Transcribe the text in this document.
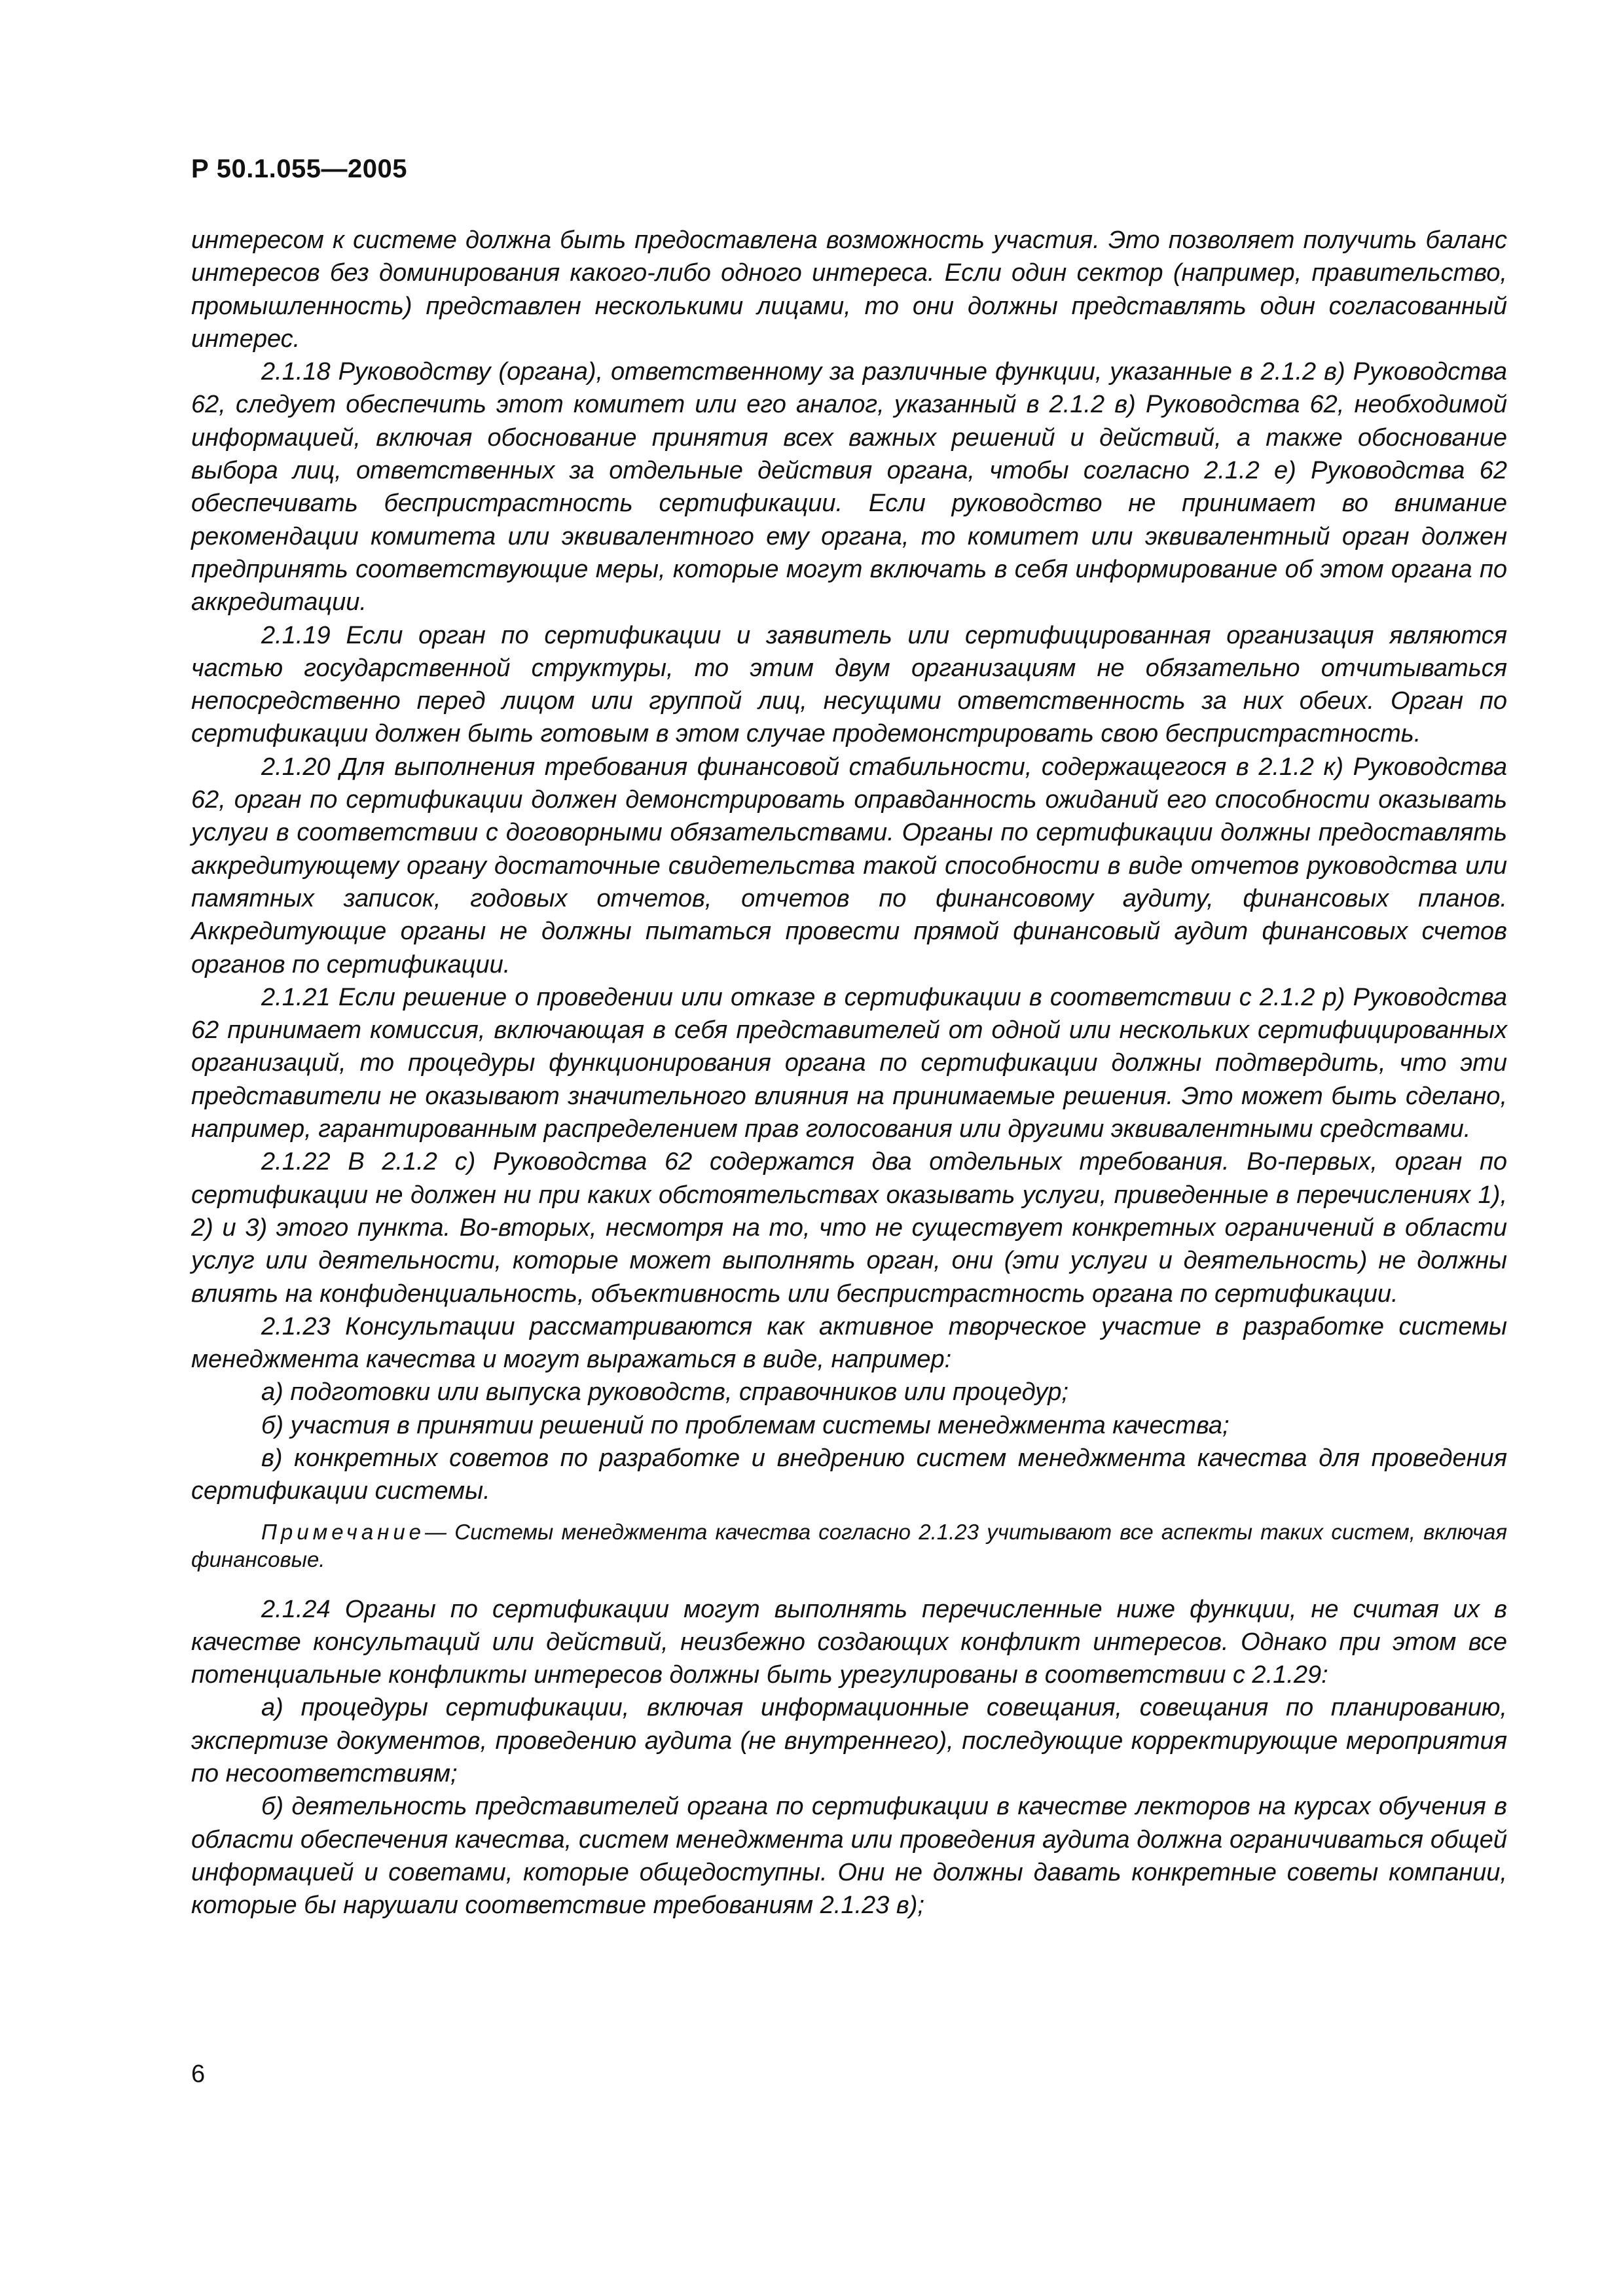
Р 50.1.055—2005

интересом к системе должна быть предоставлена возможность участия. Это позволяет получить баланс интересов без доминирования какого-либо одного интереса. Если один сектор (например, правительство, промышленность) представлен несколькими лицами, то они должны представлять один согласованный интерес.

2.1.18 Руководству (органа), ответственному за различные функции, указанные в 2.1.2 в) Руководства 62, следует обеспечить этот комитет или его аналог, указанный в 2.1.2 в) Руководства 62, необходимой информацией, включая обоснование принятия всех важных решений и действий, а также обоснование выбора лиц, ответственных за отдельные действия органа, чтобы согласно 2.1.2 е) Руководства 62 обеспечивать беспристрастность сертификации. Если руководство не принимает во внимание рекомендации комитета или эквивалентного ему органа, то комитет или эквивалентный орган должен предпринять соответствующие меры, которые могут включать в себя информирование об этом органа по аккредитации.

2.1.19 Если орган по сертификации и заявитель или сертифицированная организация являются частью государственной структуры, то этим двум организациям не обязательно отчитываться непосредственно перед лицом или группой лиц, несущими ответственность за них обеих. Орган по сертификации должен быть готовым в этом случае продемонстрировать свою беспристрастность.

2.1.20 Для выполнения требования финансовой стабильности, содержащегося в 2.1.2 к) Руководства 62, орган по сертификации должен демонстрировать оправданность ожиданий его способности оказывать услуги в соответствии с договорными обязательствами. Органы по сертификации должны предоставлять аккредитующему органу достаточные свидетельства такой способности в виде отчетов руководства или памятных записок, годовых отчетов, отчетов по финансовому аудиту, финансовых планов. Аккредитующие органы не должны пытаться провести прямой финансовый аудит финансовых счетов органов по сертификации.

2.1.21 Если решение о проведении или отказе в сертификации в соответствии с 2.1.2 р) Руководства 62 принимает комиссия, включающая в себя представителей от одной или нескольких сертифицированных организаций, то процедуры функционирования органа по сертификации должны подтвердить, что эти представители не оказывают значительного влияния на принимаемые решения. Это может быть сделано, например, гарантированным распределением прав голосования или другими эквивалентными средствами.

2.1.22 В 2.1.2 с) Руководства 62 содержатся два отдельных требования. Во-первых, орган по сертификации не должен ни при каких обстоятельствах оказывать услуги, приведенные в перечислениях 1), 2) и 3) этого пункта. Во-вторых, несмотря на то, что не существует конкретных ограничений в области услуг или деятельности, которые может выполнять орган, они (эти услуги и деятельность) не должны влиять на конфиденциальность, объективность или беспристрастность органа по сертификации.

2.1.23 Консультации рассматриваются как активное творческое участие в разработке системы менеджмента качества и могут выражаться в виде, например:

а) подготовки или выпуска руководств, справочников или процедур;

б) участия в принятии решений по проблемам системы менеджмента качества;

в) конкретных советов по разработке и внедрению систем менеджмента качества для проведения сертификации системы.

Примечание— Системы менеджмента качества согласно 2.1.23 учитывают все аспекты таких систем, включая финансовые.

2.1.24 Органы по сертификации могут выполнять перечисленные ниже функции, не считая их в качестве консультаций или действий, неизбежно создающих конфликт интересов. Однако при этом все потенциальные конфликты интересов должны быть урегулированы в соответствии с 2.1.29:

а) процедуры сертификации, включая информационные совещания, совещания по планированию, экспертизе документов, проведению аудита (не внутреннего), последующие корректирующие мероприятия по несоответствиям;

б) деятельность представителей органа по сертификации в качестве лекторов на курсах обучения в области обеспечения качества, систем менеджмента или проведения аудита должна ограничиваться общей информацией и советами, которые общедоступны. Они не должны давать конкретные советы компании, которые бы нарушали соответствие требованиям 2.1.23 в);

6
